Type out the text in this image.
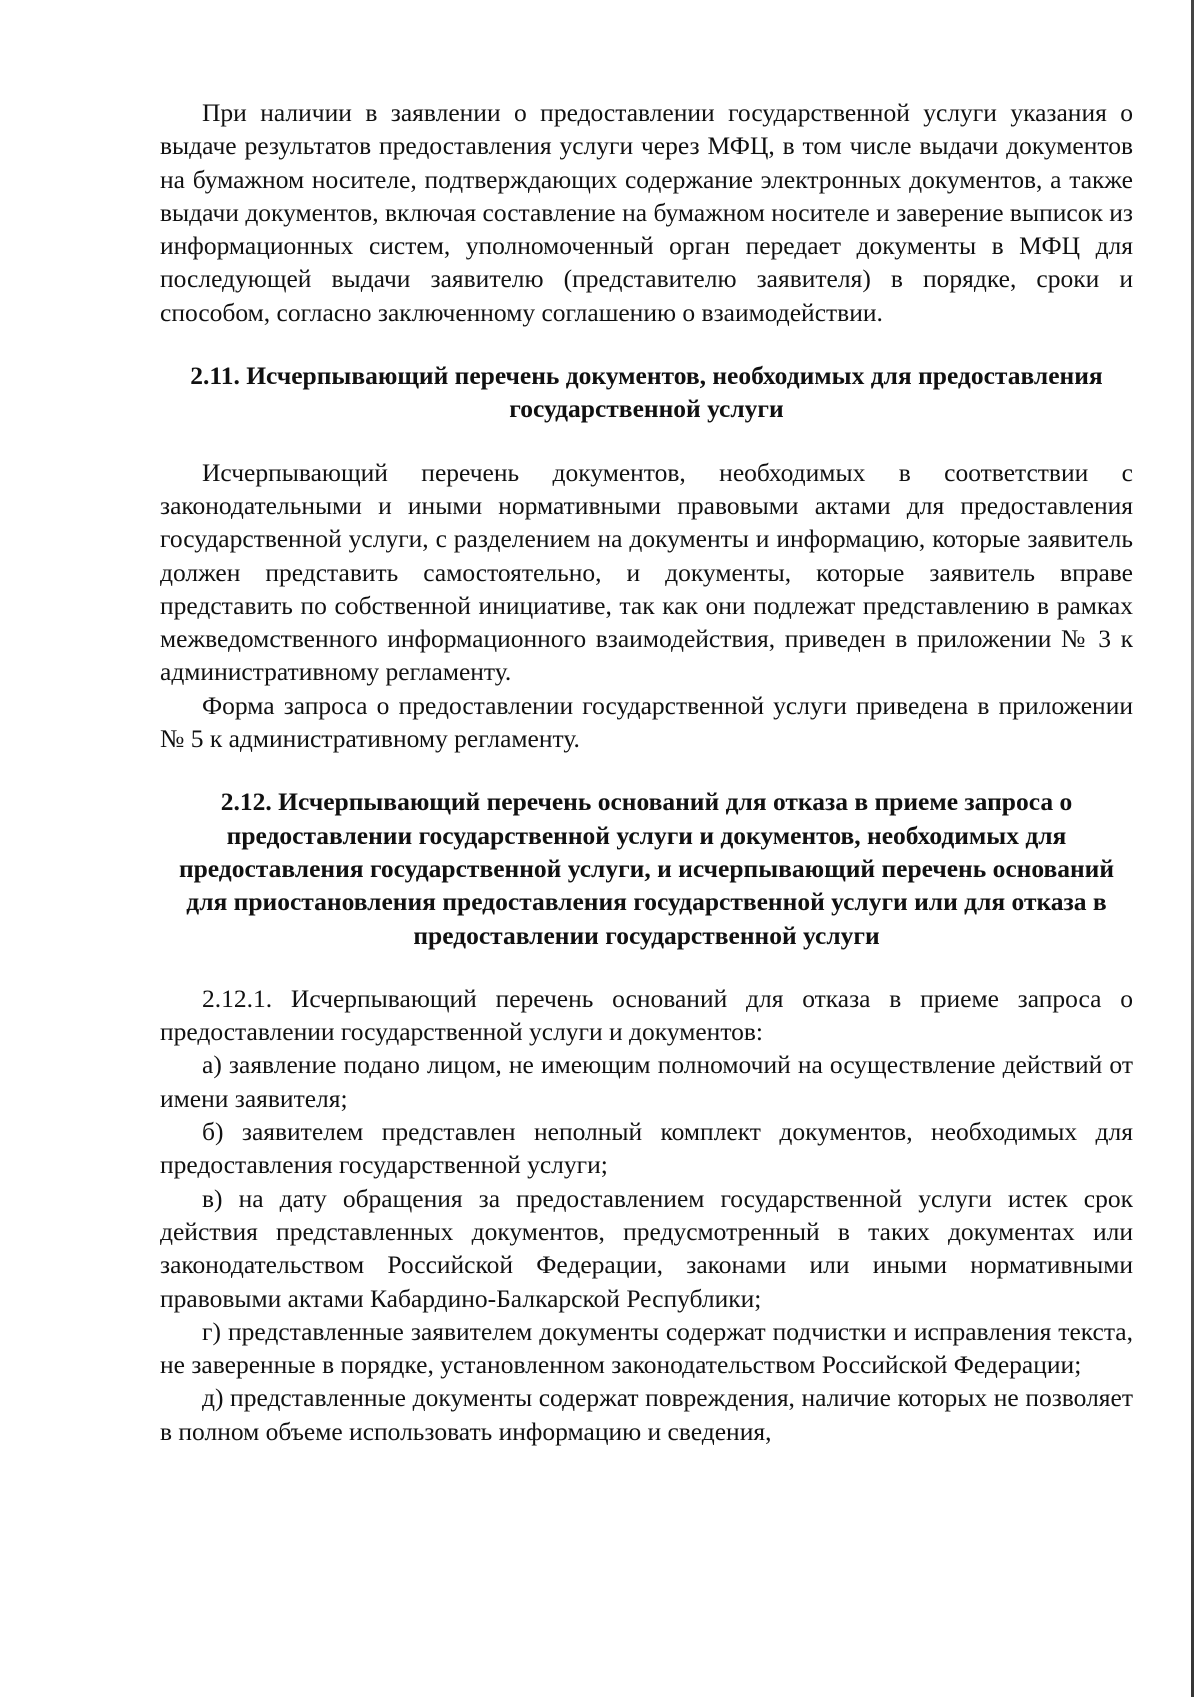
При наличии в заявлении о предоставлении государственной услуги указания о выдаче результатов предоставления услуги через МФЦ, в том числе выдачи документов на бумажном носителе, подтверждающих содержание электронных документов, а также выдачи документов, включая составление на бумажном носителе и заверение выписок из информационных систем, уполномоченный орган передает документы в МФЦ для последующей выдачи заявителю (представителю заявителя) в порядке, сроки и способом, согласно заключенному соглашению о взаимодействии.

2.11. Исчерпывающий перечень документов, необходимых для предоставления государственной услуги

Исчерпывающий перечень документов, необходимых в соответствии с законодательными и иными нормативными правовыми актами для предоставления государственной услуги, с разделением на документы и информацию, которые заявитель должен представить самостоятельно, и документы, которые заявитель вправе представить по собственной инициативе, так как они подлежат представлению в рамках межведомственного информационного взаимодействия, приведен в приложении № 3 к административному регламенту.

Форма запроса о предоставлении государственной услуги приведена в приложении № 5 к административному регламенту.

2.12. Исчерпывающий перечень оснований для отказа в приеме запроса о предоставлении государственной услуги и документов, необходимых для предоставления государственной услуги, и исчерпывающий перечень оснований для приостановления предоставления государственной услуги или для отказа в предоставлении государственной услуги

2.12.1. Исчерпывающий перечень оснований для отказа в приеме запроса о предоставлении государственной услуги и документов:

а) заявление подано лицом, не имеющим полномочий на осуществление действий от имени заявителя;

б) заявителем представлен неполный комплект документов, необходимых для предоставления государственной услуги;

в) на дату обращения за предоставлением государственной услуги истек срок действия представленных документов, предусмотренный в таких документах или законодательством Российской Федерации, законами или иными нормативными правовыми актами Кабардино-Балкарской Республики;

г) представленные заявителем документы содержат подчистки и исправления текста, не заверенные в порядке, установленном законодательством Российской Федерации;

д) представленные документы содержат повреждения, наличие которых не позволяет в полном объеме использовать информацию и сведения,
